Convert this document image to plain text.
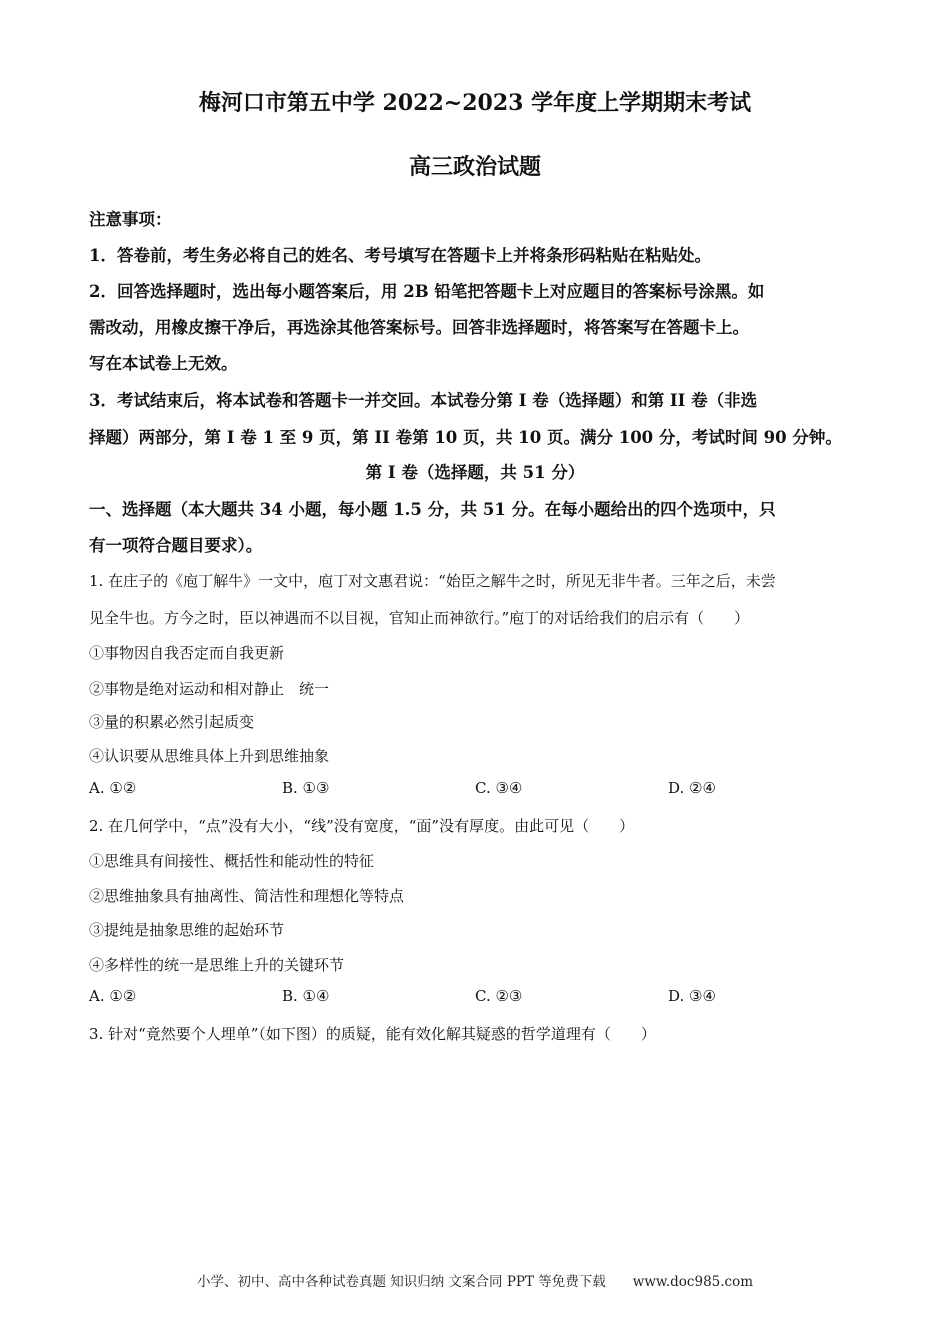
梅河口市第五中学 2022~2023 学年度上学期期末考试
高三政治试题
注意事项：
1．答卷前，考生务必将自己的姓名、考号填写在答题卡上并将条形码粘贴在粘贴处。
2．回答选择题时，选出每小题答案后，用 2B 铅笔把答题卡上对应题目的答案标号涂黑。如
需改动，用橡皮擦干净后，再选涂其他答案标号。回答非选择题时，将答案写在答题卡上。
写在本试卷上无效。
3．考试结束后，将本试卷和答题卡一并交回。本试卷分第 I 卷（选择题）和第 II 卷（非选
择题）两部分，第 I 卷 1 至 9 页，第 II 卷第 10 页，共 10 页。满分 100 分，考试时间 90 分钟。
第 I 卷（选择题，共 51 分）
一、选择题（本大题共 34 小题，每小题 1.5 分，共 51 分。在每小题给出的四个选项中，只
有一项符合题目要求）。
1. 在庄子的《庖丁解牛》一文中，庖丁对文惠君说：“始臣之解牛之时，所见无非牛者。三年之后，未尝
见全牛也。方今之时，臣以神遇而不以目视，官知止而神欲行。”庖丁的对话给我们的启示有（　　）
①事物因自我否定而自我更新
②事物是绝对运动和相对静止　统一
③量的积累必然引起质变
④认识要从思维具体上升到思维抽象
A. ①②	B. ①③	C. ③④	D. ②④
2. 在几何学中，“点”没有大小，“线”没有宽度，“面”没有厚度。由此可见（　　）
①思维具有间接性、概括性和能动性的特征
②思维抽象具有抽离性、简洁性和理想化等特点
③提纯是抽象思维的起始环节
④多样性的统一是思维上升的关键环节
A. ①②	B. ①④	C. ②③	D. ③④
3. 针对“竟然要个人埋单”（如下图）的质疑，能有效化解其疑惑的哲学道理有（　　）
小学、初中、高中各种试卷真题 知识归纳 文案合同 PPT 等免费下载　　www.doc985.com
